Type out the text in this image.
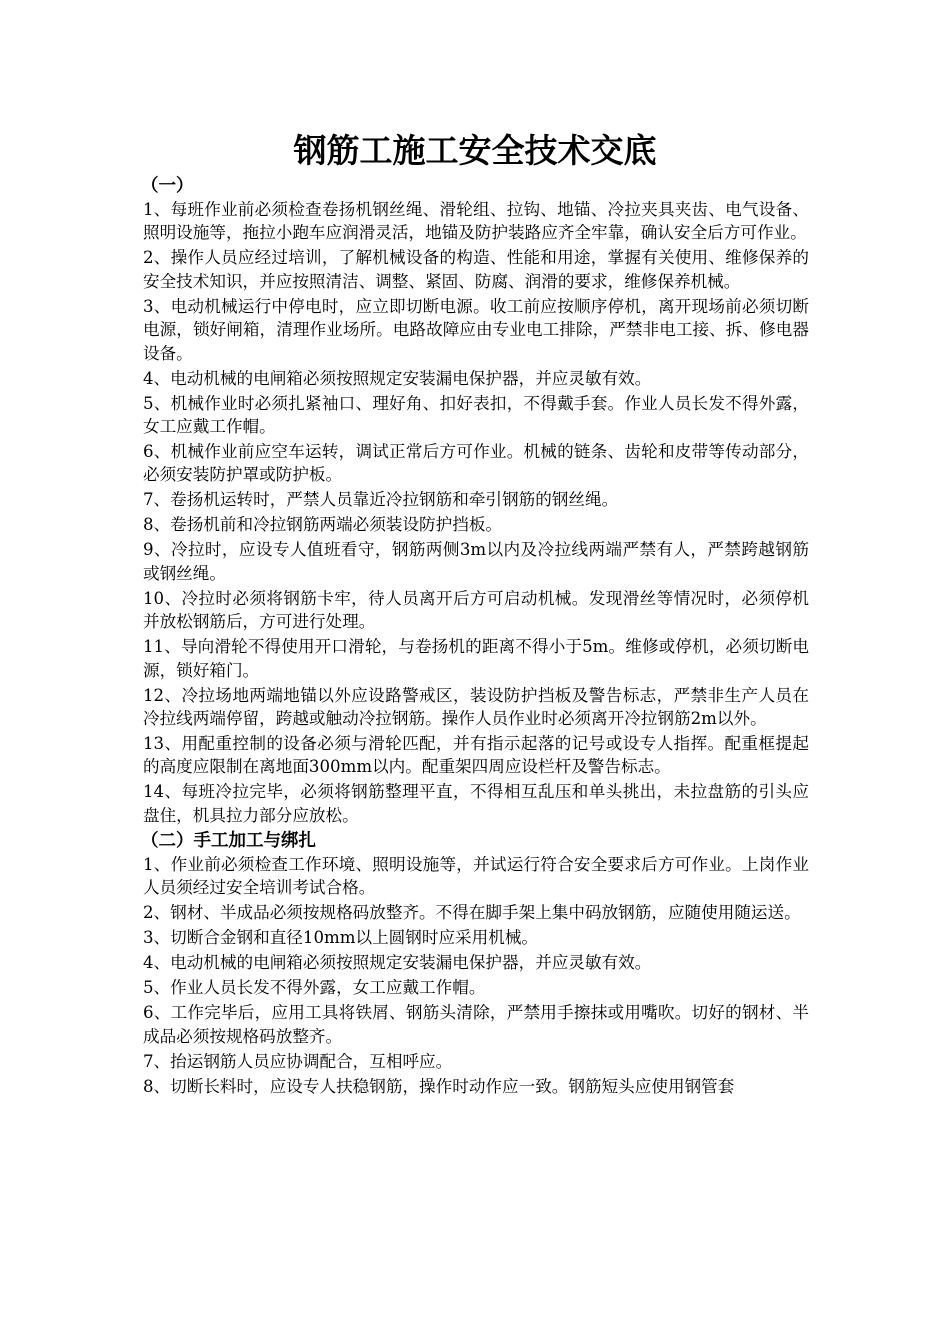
钢筋工施工安全技术交底

（一）

1、每班作业前必须检查卷扬机钢丝绳、滑轮组、拉钩、地锚、冷拉夹具夹齿、电气设备、照明设施等，拖拉小跑车应润滑灵活，地锚及防护装路应齐全牢靠，确认安全后方可作业。

2、操作人员应经过培训，了解机械设备的构造、性能和用途，掌握有关使用、维修保养的安全技术知识，并应按照清洁、调整、紧固、防腐、润滑的要求，维修保养机械。

3、电动机械运行中停电时，应立即切断电源。收工前应按顺序停机，离开现场前必须切断电源，锁好闸箱，清理作业场所。电路故障应由专业电工排除，严禁非电工接、拆、修电器设备。

4、电动机械的电闸箱必须按照规定安装漏电保护器，并应灵敏有效。

5、机械作业时必须扎紧袖口、理好角、扣好表扣，不得戴手套。作业人员长发不得外露，女工应戴工作帽。

6、机械作业前应空车运转，调试正常后方可作业。机械的链条、齿轮和皮带等传动部分，必须安装防护罩或防护板。

7、卷扬机运转时，严禁人员靠近冷拉钢筋和牵引钢筋的钢丝绳。

8、卷扬机前和冷拉钢筋两端必须装设防护挡板。

9、冷拉时，应设专人值班看守，钢筋两侧3m以内及冷拉线两端严禁有人，严禁跨越钢筋或钢丝绳。

10、冷拉时必须将钢筋卡牢，待人员离开后方可启动机械。发现滑丝等情况时，必须停机并放松钢筋后，方可进行处理。

11、导向滑轮不得使用开口滑轮，与卷扬机的距离不得小于5m。维修或停机，必须切断电源，锁好箱门。

12、冷拉场地两端地锚以外应设路警戒区，装设防护挡板及警告标志，严禁非生产人员在冷拉线两端停留，跨越或触动冷拉钢筋。操作人员作业时必须离开冷拉钢筋2m以外。

13、用配重控制的设备必须与滑轮匹配，并有指示起落的记号或设专人指挥。配重框提起的高度应限制在离地面300mm以内。配重架四周应设栏杆及警告标志。

14、每班冷拉完毕，必须将钢筋整理平直，不得相互乱压和单头挑出，未拉盘筋的引头应盘住，机具拉力部分应放松。

（二）手工加工与绑扎

1、作业前必须检查工作环境、照明设施等，并试运行符合安全要求后方可作业。上岗作业人员须经过安全培训考试合格。

2、钢材、半成品必须按规格码放整齐。不得在脚手架上集中码放钢筋，应随使用随运送。

3、切断合金钢和直径10mm以上圆钢时应采用机械。

4、电动机械的电闸箱必须按照规定安装漏电保护器，并应灵敏有效。

5、作业人员长发不得外露，女工应戴工作帽。

6、工作完毕后，应用工具将铁屑、钢筋头清除，严禁用手擦抹或用嘴吹。切好的钢材、半成品必须按规格码放整齐。

7、抬运钢筋人员应协调配合，互相呼应。

8、切断长料时，应设专人扶稳钢筋，操作时动作应一致。钢筋短头应使用钢管套
